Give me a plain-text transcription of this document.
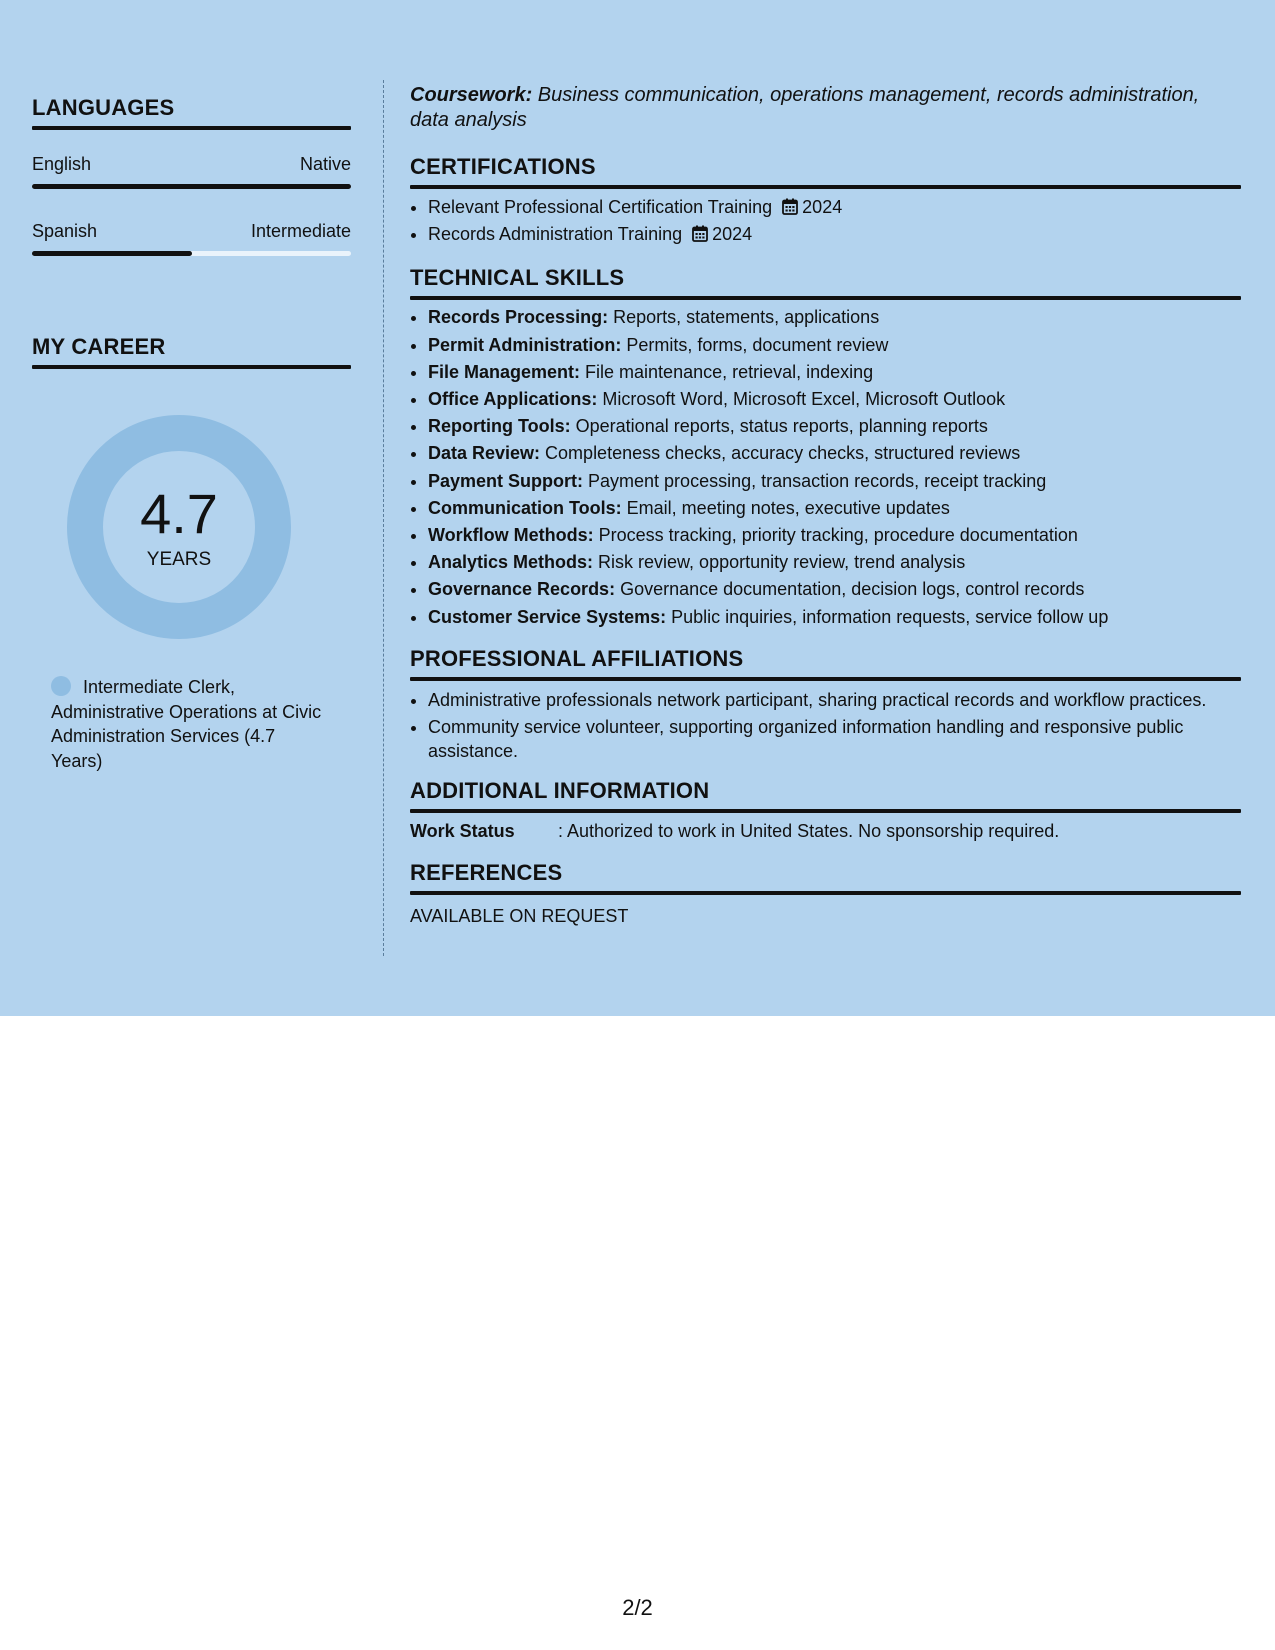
LANGUAGES
English	Native
Spanish	Intermediate
MY CAREER
4.7
YEARS
Intermediate Clerk, Administrative Operations at Civic Administration Services (4.7 Years)

Coursework: Business communication, operations management, records administration, data analysis

CERTIFICATIONS
• Relevant Professional Certification Training 2024
• Records Administration Training 2024
TECHNICAL SKILLS
• Records Processing: Reports, statements, applications
• Permit Administration: Permits, forms, document review
• File Management: File maintenance, retrieval, indexing
• Office Applications: Microsoft Word, Microsoft Excel, Microsoft Outlook
• Reporting Tools: Operational reports, status reports, planning reports
• Data Review: Completeness checks, accuracy checks, structured reviews
• Payment Support: Payment processing, transaction records, receipt tracking
• Communication Tools: Email, meeting notes, executive updates
• Workflow Methods: Process tracking, priority tracking, procedure documentation
• Analytics Methods: Risk review, opportunity review, trend analysis
• Governance Records: Governance documentation, decision logs, control records
• Customer Service Systems: Public inquiries, information requests, service follow up
PROFESSIONAL AFFILIATIONS
• Administrative professionals network participant, sharing practical records and workflow practices.
• Community service volunteer, supporting organized information handling and responsive public assistance.
ADDITIONAL INFORMATION
Work Status	: Authorized to work in United States. No sponsorship required.
REFERENCES
AVAILABLE ON REQUEST
2/2
